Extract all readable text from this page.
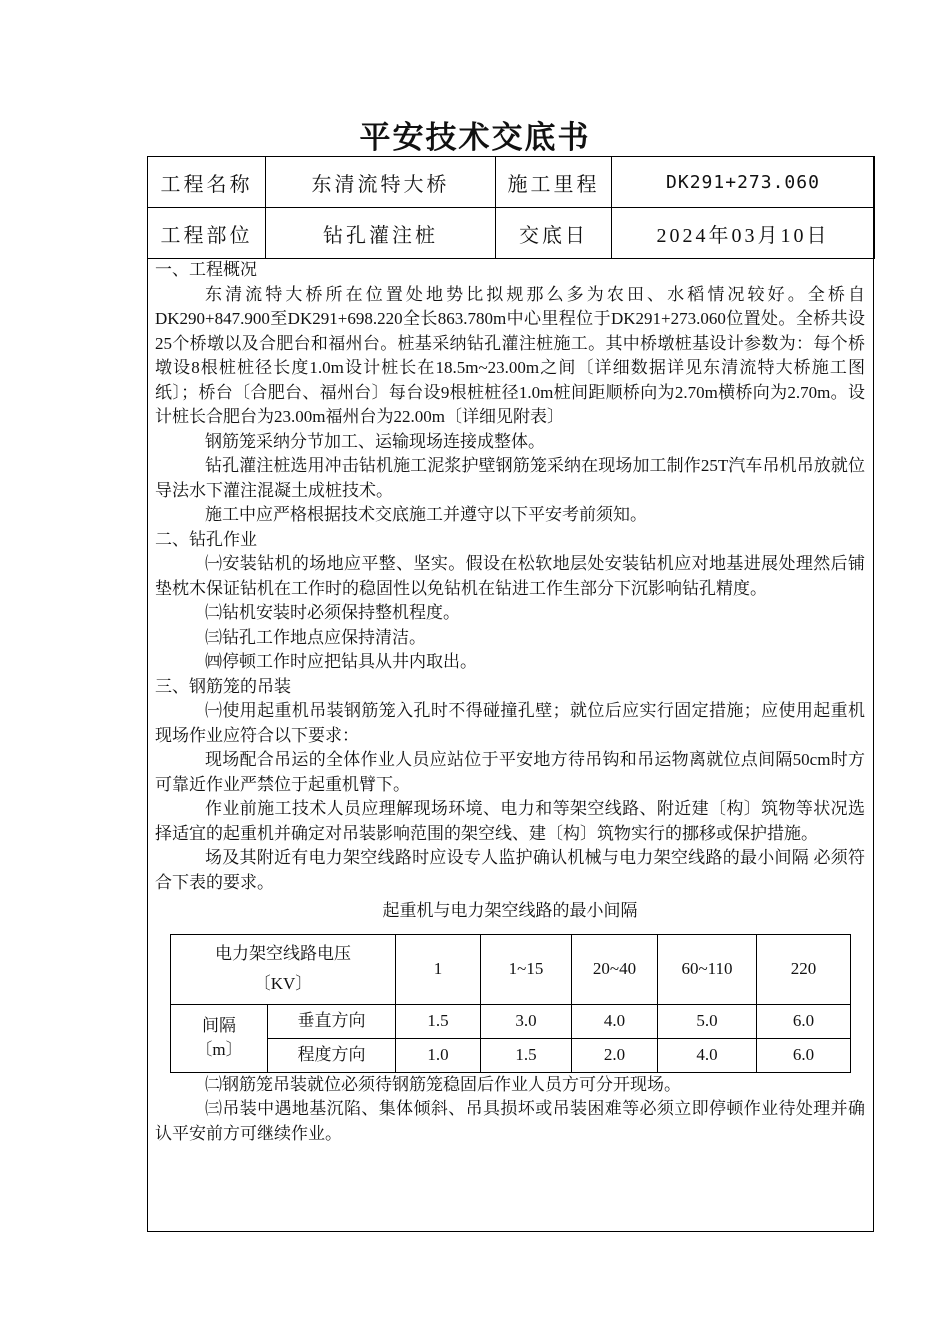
平安技术交底书
工程名称	东清流特大桥	施工里程	DK291+273.060
工程部位	钻孔灌注桩	交底日	2024年03月10日

一、工程概况

东清流特大桥所在位置处地势比拟规那么多为农田、水稻情况较好。全桥自DK290+847.900至DK291+698.220全长863.780m中心里程位于DK291+273.060位置处。全桥共设25个桥墩以及合肥台和福州台。桩基采纳钻孔灌注桩施工。其中桥墩桩基设计参数为：每个桥墩设8根桩桩径长度1.0m设计桩长在18.5m~23.00m之间〔详细数据详见东清流特大桥施工图纸〕；桥台〔合肥台、福州台〕每台设9根桩桩径1.0m桩间距顺桥向为2.70m横桥向为2.70m。设计桩长合肥台为23.00m福州台为22.00m〔详细见附表〕

钢筋笼采纳分节加工、运输现场连接成整体。

钻孔灌注桩选用冲击钻机施工泥浆护壁钢筋笼采纳在现场加工制作25T汽车吊机吊放就位导法水下灌注混凝土成桩技术。

施工中应严格根据技术交底施工并遵守以下平安考前须知。

二、钻孔作业

㈠安装钻机的场地应平整、坚实。假设在松软地层处安装钻机应对地基进展处理然后铺垫枕木保证钻机在工作时的稳固性以免钻机在钻进工作生部分下沉影响钻孔精度。

㈡钻机安装时必须保持整机程度。

㈢钻孔工作地点应保持清洁。

㈣停顿工作时应把钻具从井内取出。

三、钢筋笼的吊装

㈠使用起重机吊装钢筋笼入孔时不得碰撞孔壁；就位后应实行固定措施；应使用起重机现场作业应符合以下要求：

现场配合吊运的全体作业人员应站位于平安地方待吊钩和吊运物离就位点间隔50cm时方可靠近作业严禁位于起重机臂下。

作业前施工技术人员应理解现场环境、电力和等架空线路、附近建〔构〕筑物等状况选择适宜的起重机并确定对吊装影响范围的架空线、建〔构〕筑物实行的挪移或保护措施。

场及其附近有电力架空线路时应设专人监护确认机械与电力架空线路的最小间隔 必须符合下表的要求。

起重机与电力架空线路的最小间隔

电力架空线路电压
〔KV〕		1	1~15	20~40	60~110	220

间隔
〔m〕	垂直方向	1.5	3.0	4.0	5.0	6.0
	程度方向	1.0	1.5	2.0	4.0	6.0

㈡钢筋笼吊装就位必须待钢筋笼稳固后作业人员方可分开现场。

㈢吊装中遇地基沉陷、集体倾斜、吊具损坏或吊装困难等必须立即停顿作业待处理并确认平安前方可继续作业。
